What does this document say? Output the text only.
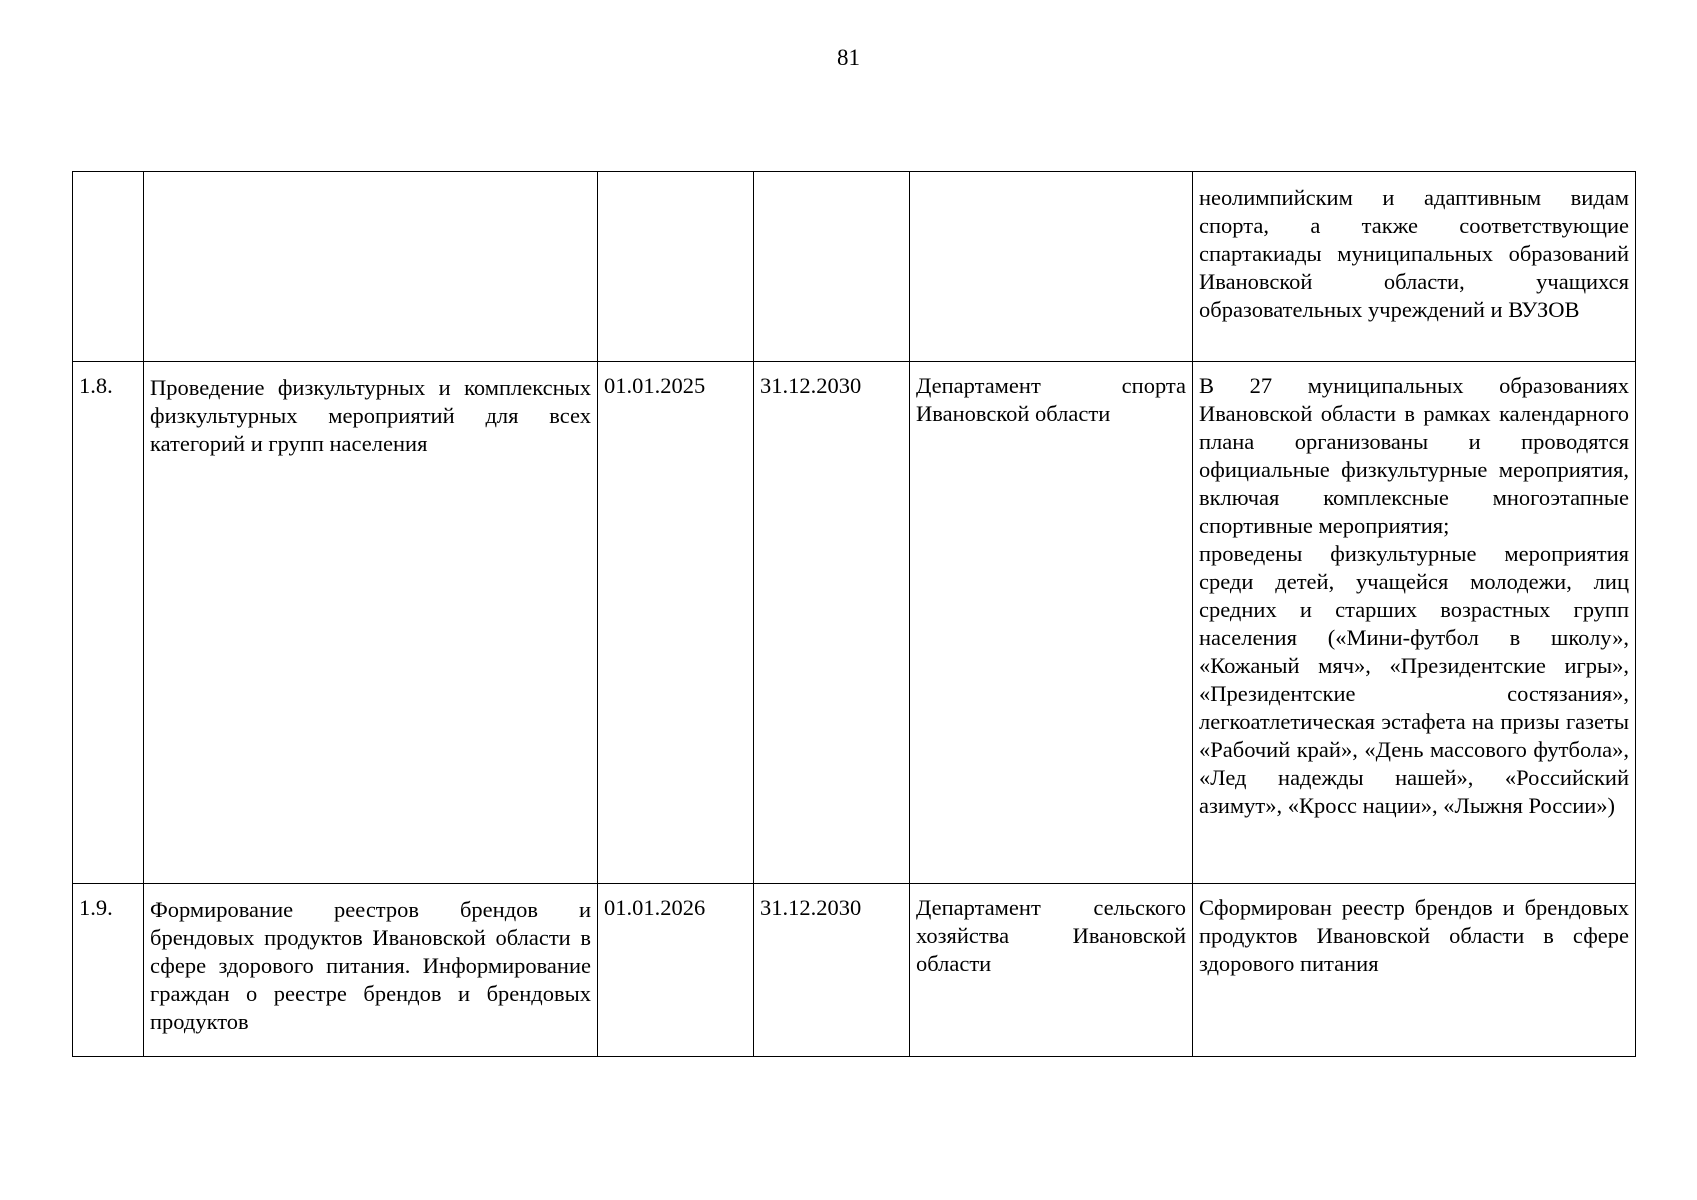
81

					неолимпийским и адаптивным видам спорта, а также соответствующие спартакиады муниципальных образований Ивановской области, учащихся образовательных учреждений и ВУЗОВ

1.8.	Проведение физкультурных и комплексных физкультурных мероприятий для всех категорий и групп населения	01.01.2025	31.12.2030	Департамент спорта Ивановской области	В 27 муниципальных образованиях Ивановской области в рамках календарного плана организованы и проводятся официальные физкультурные мероприятия, включая комплексные многоэтапные спортивные мероприятия;
проведены физкультурные мероприятия среди детей, учащейся молодежи, лиц средних и старших возрастных групп населения («Мини-футбол в школу», «Кожаный мяч», «Президентские игры», «Президентские состязания», легкоатлетическая эстафета на призы газеты «Рабочий край», «День массового футбола», «Лед надежды нашей», «Российский азимут», «Кросс нации», «Лыжня России»)

1.9.	Формирование реестров брендов и брендовых продуктов Ивановской области в сфере здорового питания. Информирование граждан о реестре брендов и брендовых продуктов	01.01.2026	31.12.2030	Департамент сельского хозяйства Ивановской области	Сформирован реестр брендов и брендовых продуктов Ивановской области в сфере здорового питания
